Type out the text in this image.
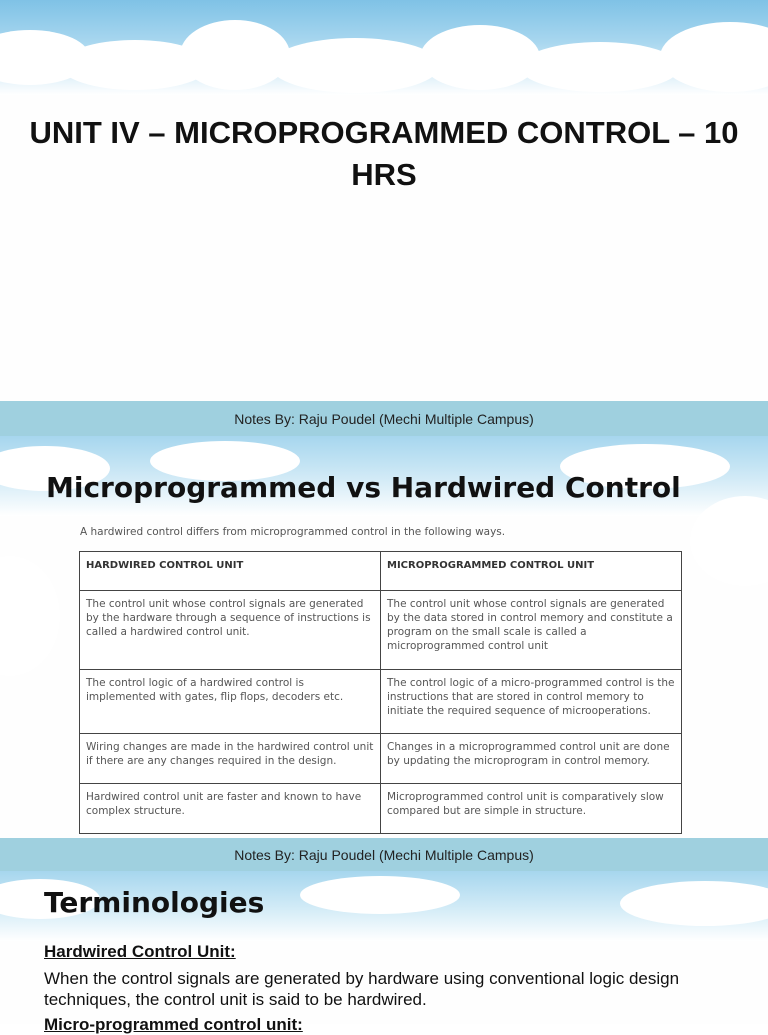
UNIT IV – MICROPROGRAMMED CONTROL – 10 HRS
Notes By: Raju Poudel (Mechi Multiple Campus)
Microprogrammed vs Hardwired Control
A hardwired control differs from microprogrammed control in the following ways.
HARDWIRED CONTROL UNIT	MICROPROGRAMMED CONTROL UNIT
The control unit whose control signals are generated by the hardware through a sequence of instructions is called a hardwired control unit.	The control unit whose control signals are generated by the data stored in control memory and constitute a program on the small scale is called a microprogrammed control unit
The control logic of a hardwired control is implemented with gates, flip flops, decoders etc.	The control logic of a micro-programmed control is the instructions that are stored in control memory to initiate the required sequence of microoperations.
Wiring changes are made in the hardwired control unit if there are any changes required in the design.	Changes in a microprogrammed control unit are done by updating the microprogram in control memory.
Hardwired control unit are faster and known to have complex structure.	Microprogrammed control unit is comparatively slow compared but are simple in structure.
Notes By: Raju Poudel (Mechi Multiple Campus)
Terminologies
Hardwired Control Unit:
When the control signals are generated by hardware using conventional logic design techniques, the control unit is said to be hardwired.
Micro-programmed control unit:
